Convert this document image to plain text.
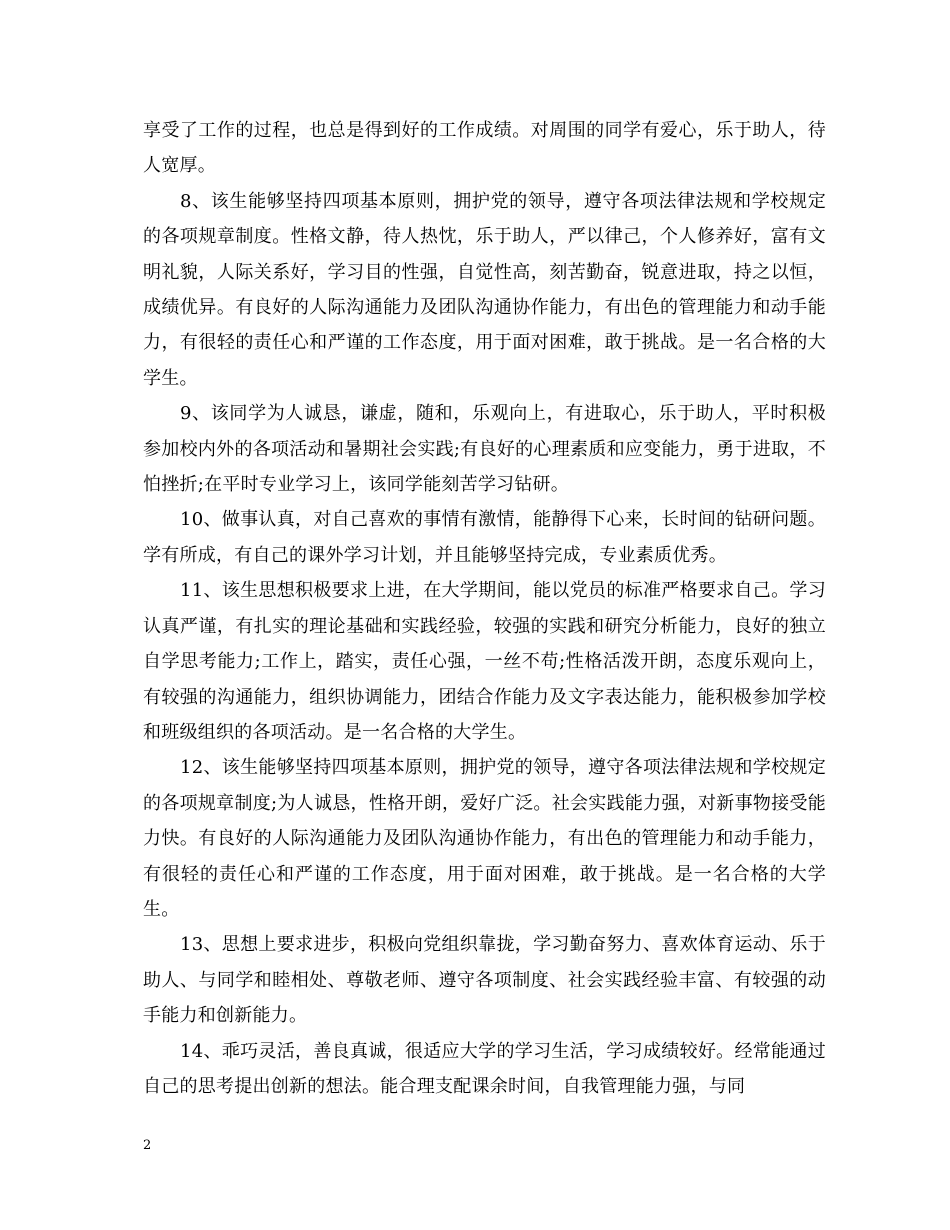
享受了工作的过程，也总是得到好的工作成绩。对周围的同学有爱心，乐于助人，待人宽厚。

8、该生能够坚持四项基本原则，拥护党的领导，遵守各项法律法规和学校规定的各项规章制度。性格文静，待人热忱，乐于助人，严以律己，个人修养好，富有文明礼貌，人际关系好，学习目的性强，自觉性高，刻苦勤奋，锐意进取，持之以恒，成绩优异。有良好的人际沟通能力及团队沟通协作能力，有出色的管理能力和动手能力，有很轻的责任心和严谨的工作态度，用于面对困难，敢于挑战。是一名合格的大学生。

9、该同学为人诚恳，谦虚，随和，乐观向上，有进取心，乐于助人，平时积极参加校内外的各项活动和暑期社会实践;有良好的心理素质和应变能力，勇于进取，不怕挫折;在平时专业学习上，该同学能刻苦学习钻研。

10、做事认真，对自己喜欢的事情有激情，能静得下心来，长时间的钻研问题。学有所成，有自己的课外学习计划，并且能够坚持完成，专业素质优秀。

11、该生思想积极要求上进，在大学期间，能以党员的标准严格要求自己。学习认真严谨，有扎实的理论基础和实践经验，较强的实践和研究分析能力，良好的独立自学思考能力;工作上，踏实，责任心强，一丝不苟;性格活泼开朗，态度乐观向上，有较强的沟通能力，组织协调能力，团结合作能力及文字表达能力，能积极参加学校和班级组织的各项活动。是一名合格的大学生。

12、该生能够坚持四项基本原则，拥护党的领导，遵守各项法律法规和学校规定的各项规章制度;为人诚恳，性格开朗，爱好广泛。社会实践能力强，对新事物接受能力快。有良好的人际沟通能力及团队沟通协作能力，有出色的管理能力和动手能力，有很轻的责任心和严谨的工作态度，用于面对困难，敢于挑战。是一名合格的大学生。

13、思想上要求进步，积极向党组织靠拢，学习勤奋努力、喜欢体育运动、乐于助人、与同学和睦相处、尊敬老师、遵守各项制度、社会实践经验丰富、有较强的动手能力和创新能力。

14、乖巧灵活，善良真诚，很适应大学的学习生活，学习成绩较好。经常能通过自己的思考提出创新的想法。能合理支配课余时间，自我管理能力强，与同

2
